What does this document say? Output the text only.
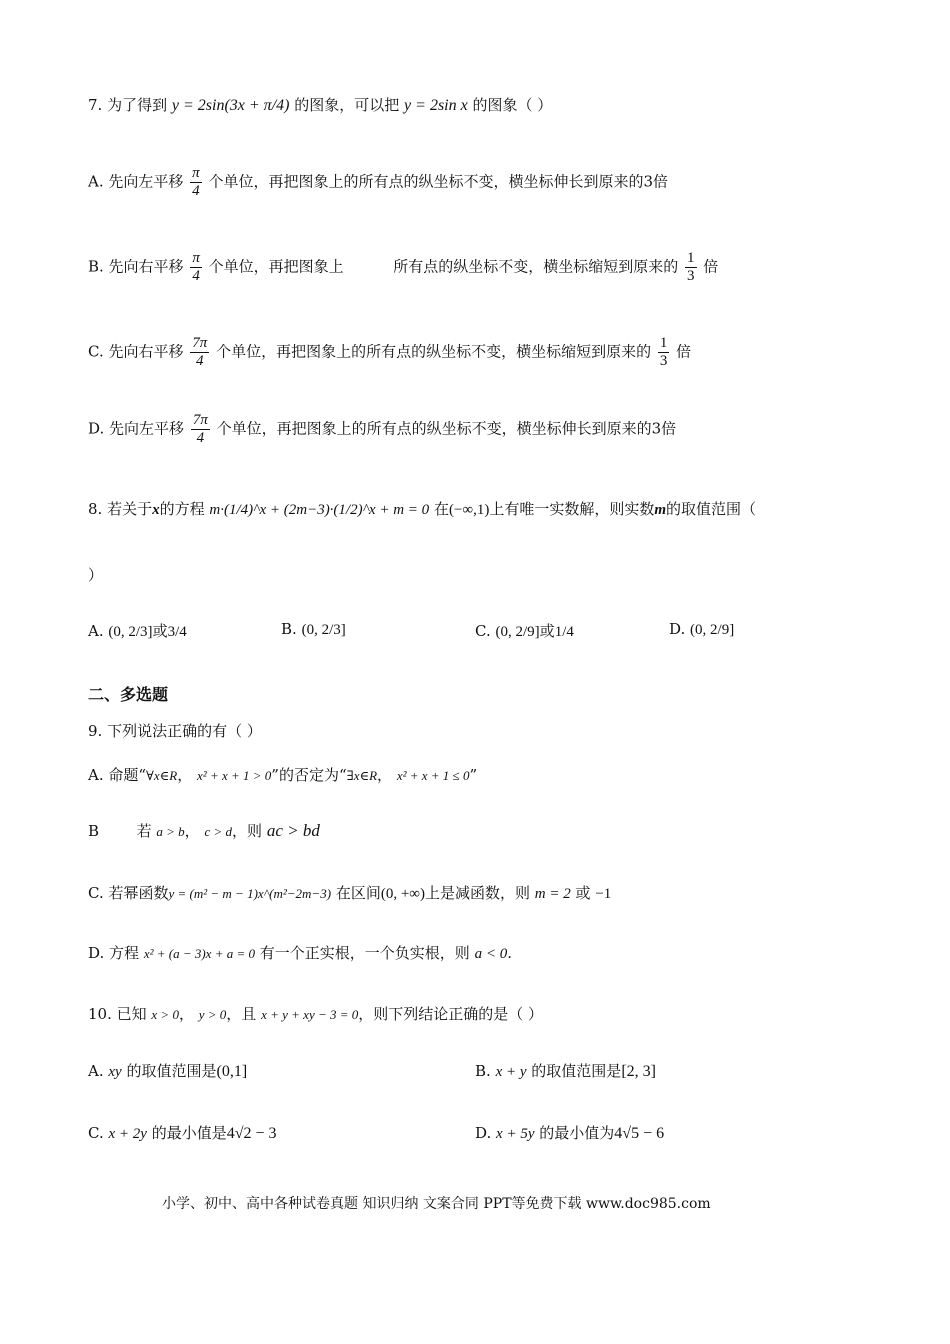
7. 为了得到 y = 2sin(3x + π/4) 的图象，可以把 y = 2sin x 的图象（ ）
A. 先向左平移 $\frac{\pi}{4}$ 个单位，再把图象上的所有点的纵坐标不变，横坐标伸长到原来的3倍
B. 先向右平移 $\frac{\pi}{4}$ 个单位，再把图象上	所有点的纵坐标不变，横坐标缩短到原来的 $\frac{1}{3}$ 倍
C. 先向右平移 $\frac{7\pi}{4}$ 个单位，再把图象上的所有点的纵坐标不变，横坐标缩短到原来的 $\frac{1}{3}$ 倍
D. 先向左平移 $\frac{7\pi}{4}$ 个单位，再把图象上的所有点的纵坐标不变，横坐标伸长到原来的3倍
8. 若关于x的方程 m·(1/4)^x + (2m−3)·(1/2)^x + m = 0 在(−∞,1)上有唯一实数解，则实数m的取值范围（
）
A. (0, 2/3]或3/4	B. (0, 2/3]	C. (0, 2/9]或1/4	D. (0, 2/9]
二、多选题
9. 下列说法正确的有（ ）
A. 命题“∀x∈R， x² + x + 1 > 0”的否定为“∃x∈R， x² + x + 1 ≤ 0”
B	若 a > b， c > d，则 ac > bd
C. 若幂函数y = (m² − m − 1)x^(m²−2m−3) 在区间(0, +∞)上是减函数，则 m = 2 或 −1
D. 方程 x² + (a − 3)x + a = 0 有一个正实根，一个负实根，则 a < 0.
10. 已知 x > 0， y > 0，且 x + y + xy − 3 = 0，则下列结论正确的是（ ）
A. xy 的取值范围是(0,1]	B. x + y 的取值范围是[2, 3]
C. x + 2y 的最小值是4√2 − 3	D. x + 5y 的最小值为4√5 − 6
小学、初中、高中各种试卷真题 知识归纳 文案合同 PPT等免费下载 www.doc985.com
